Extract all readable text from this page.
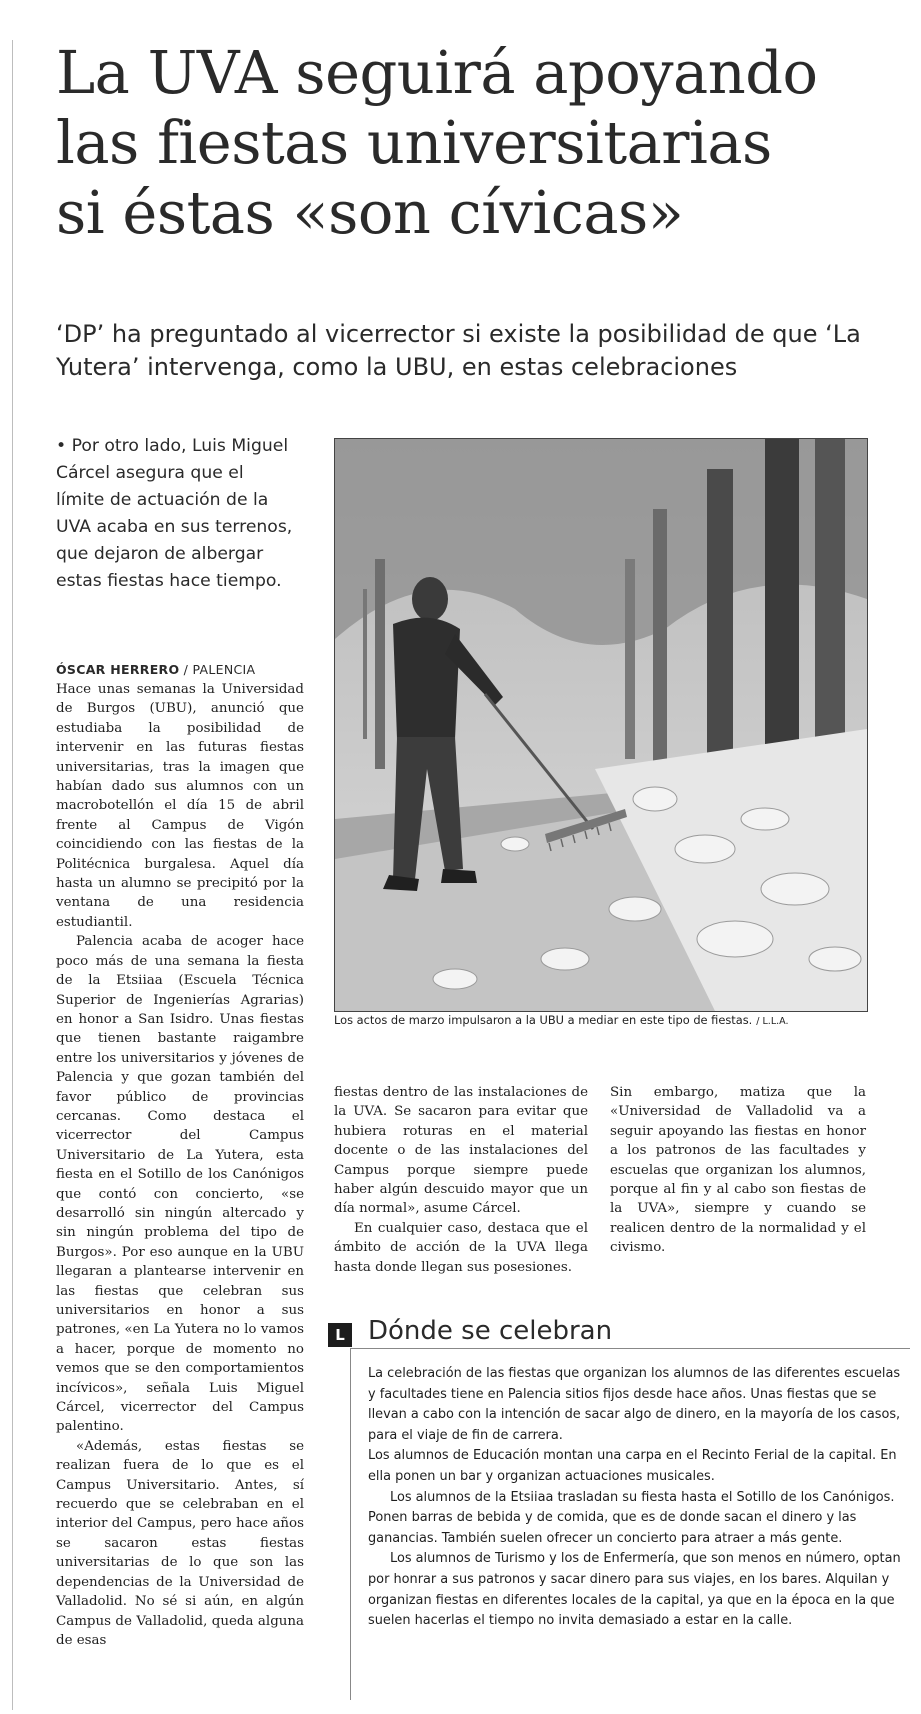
La UVA seguirá apoyando
las fiestas universitarias
si éstas «son cívicas»

‘DP’ ha preguntado al vicerrector si existe la posibilidad de que ‘La Yutera’ intervenga, como la UBU, en estas celebraciones

• Por otro lado, Luis Miguel Cárcel asegura que el límite de actuación de la UVA acaba en sus terrenos, que dejaron de albergar estas fiestas hace tiempo.
ÓSCAR HERRERO / PALENCIA

Hace unas semanas la Universidad de Burgos (UBU), anunció que estudiaba la posibilidad de intervenir en las futuras fiestas universitarias, tras la imagen que habían dado sus alumnos con un macrobotellón el día 15 de abril frente al Campus de Vigón coincidiendo con las fiestas de la Politécnica burgalesa. Aquel día hasta un alumno se precipitó por la ventana de una residencia estudiantil.

Palencia acaba de acoger hace poco más de una semana la fiesta de la Etsiiaa (Escuela Técnica Superior de Ingenierías Agrarias) en honor a San Isidro. Unas fiestas que tienen bastante raigambre entre los universitarios y jóvenes de Palencia y que gozan también del favor público de provincias cercanas. Como destaca el vicerrector del Campus Universitario de La Yutera, esta fiesta en el Sotillo de los Canónigos que contó con concierto, «se desarrolló sin ningún altercado y sin ningún problema del tipo de Burgos». Por eso aunque en la UBU llegaran a plantearse intervenir en las fiestas que celebran sus universitarios en honor a sus patrones, «en La Yutera no lo vamos a hacer, porque de momento no vemos que se den comportamientos incívicos», señala Luis Miguel Cárcel, vicerrector del Campus palentino.

«Además, estas fiestas se realizan fuera de lo que es el Campus Universitario. Antes, sí recuerdo que se celebraban en el interior del Campus, pero hace años se sacaron estas fiestas universitarias de lo que son las dependencias de la Universidad de Valladolid. No sé si aún, en algún Campus de Valladolid, queda alguna de esas

Los actos de marzo impulsaron a la UBU a mediar en este tipo de fiestas. / L.L.A.

fiestas dentro de las instalaciones de la UVA. Se sacaron para evitar que hubiera roturas en el material docente o de las instalaciones del Campus porque siempre puede haber algún descuido mayor que un día normal», asume Cárcel.

En cualquier caso, destaca que el ámbito de acción de la UVA llega hasta donde llegan sus posesiones.

Sin embargo, matiza que la «Universidad de Valladolid va a seguir apoyando las fiestas en honor a los patronos de las facultades y escuelas que organizan los alumnos, porque al fin y al cabo son fiestas de la UVA», siempre y cuando se realicen dentro de la normalidad y el civismo.

L Dónde se celebran

La celebración de las fiestas que organizan los alumnos de las diferentes escuelas y facultades tiene en Palencia sitios fijos desde hace años. Unas fiestas que se llevan a cabo con la intención de sacar algo de dinero, en la mayoría de los casos, para el viaje de fin de carrera.

Los alumnos de Educación montan una carpa en el Recinto Ferial de la capital. En ella ponen un bar y organizan actuaciones musicales.

Los alumnos de la Etsiiaa trasladan su fiesta hasta el Sotillo de los Canónigos. Ponen barras de bebida y de comida, que es de donde sacan el dinero y las ganancias. También suelen ofrecer un concierto para atraer a más gente.

Los alumnos de Turismo y los de Enfermería, que son menos en número, optan por honrar a sus patronos y sacar dinero para sus viajes, en los bares. Alquilan y organizan fiestas en diferentes locales de la capital, ya que en la época en la que suelen hacerlas el tiempo no invita demasiado a estar en la calle.
